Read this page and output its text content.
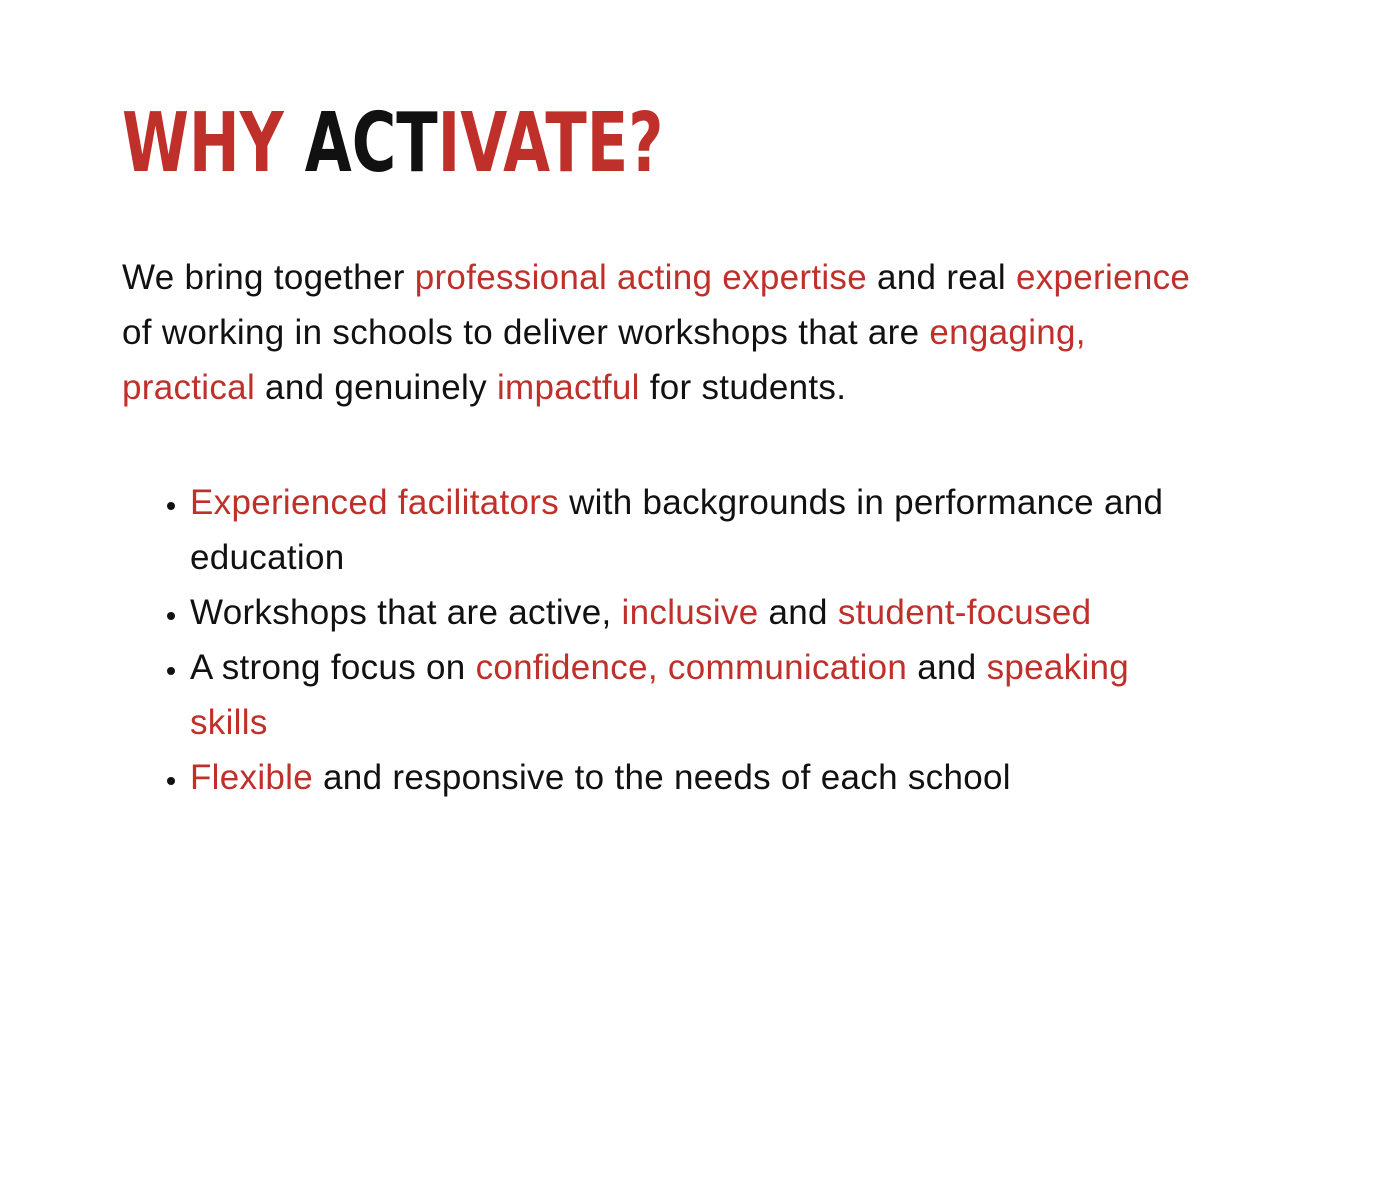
WHY ACTIVATE?

We bring together professional acting expertise and real experience of working in schools to deliver workshops that are engaging, practical and genuinely impactful for students.

• Experienced facilitators with backgrounds in performance and education
• Workshops that are active, inclusive and student-focused
• A strong focus on confidence, communication and speaking skills
• Flexible and responsive to the needs of each school
